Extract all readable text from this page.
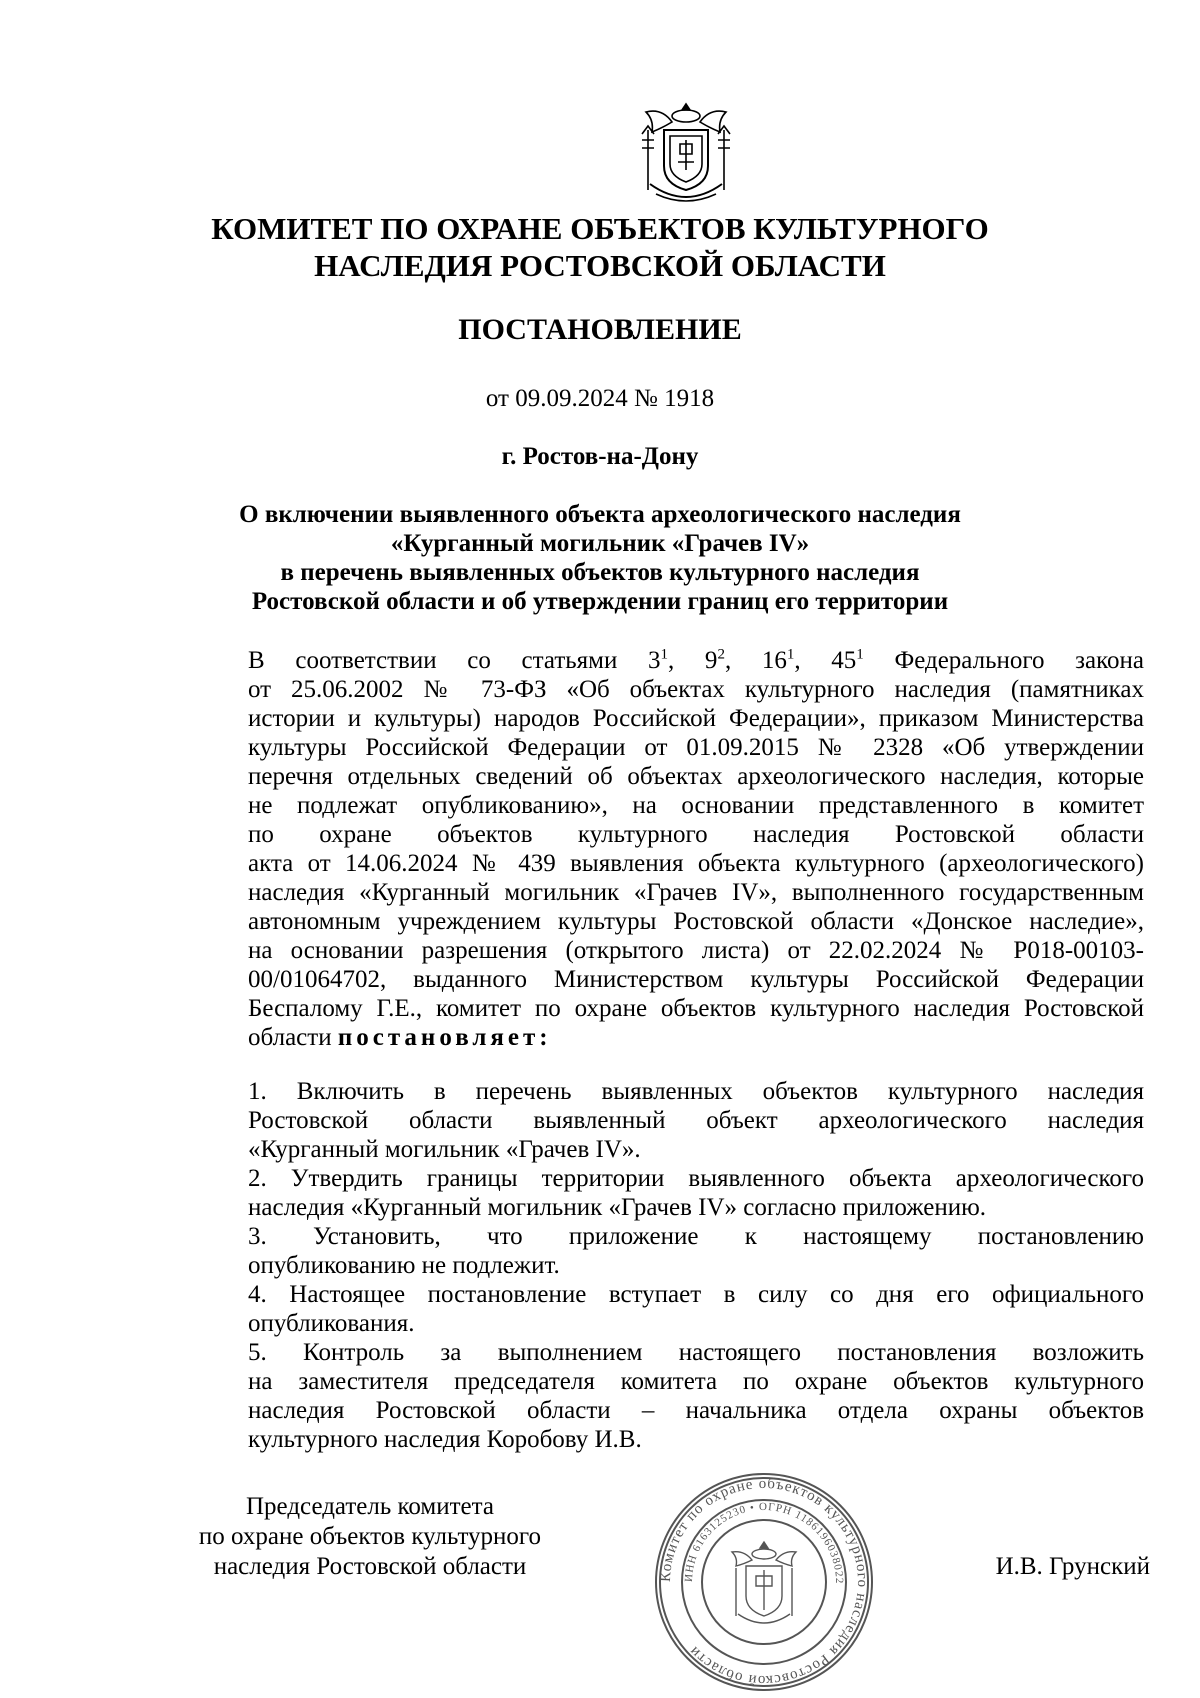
КОМИТЕТ ПО ОХРАНЕ ОБЪЕКТОВ КУЛЬТУРНОГО
НАСЛЕДИЯ РОСТОВСКОЙ ОБЛАСТИ
ПОСТАНОВЛЕНИЕ
от 09.09.2024 № 1918
г. Ростов-на-Дону
О включении выявленного объекта археологического наследия
«Курганный могильник «Грачев IV»
в перечень выявленных объектов культурного наследия
Ростовской области и об утверждении границ его территории

В соответствии со статьями $3^1$, $9^2$, $16^1$, $45^1$ Федерального закона
от 25.06.2002 № 73-ФЗ «Об объектах культурного наследия (памятниках
истории и культуры) народов Российской Федерации», приказом Министерства
культуры Российской Федерации от 01.09.2015 № 2328 «Об утверждении
перечня отдельных сведений об объектах археологического наследия, которые
не подлежат опубликованию», на основании представленного в комитет
по охране объектов культурного наследия Ростовской области
акта от 14.06.2024 № 439 выявления объекта культурного (археологического)
наследия «Курганный могильник «Грачев IV», выполненного государственным
автономным учреждением культуры Ростовской области «Донское наследие»,
на основании разрешения (открытого листа) от 22.02.2024 № Р018-00103-
00/01064702, выданного Министерством культуры Российской Федерации
Беспалому Г.Е., комитет по охране объектов культурного наследия Ростовской
области постановляет:

1. Включить в перечень выявленных объектов культурного наследия
Ростовской области выявленный объект археологического наследия
«Курганный могильник «Грачев IV».

2. Утвердить границы территории выявленного объекта археологического
наследия «Курганный могильник «Грачев IV» согласно приложению.

3. Установить, что приложение к настоящему постановлению
опубликованию не подлежит.

4. Настоящее постановление вступает в силу со дня его официального
опубликования.

5. Контроль за выполнением настоящего постановления возложить
на заместителя председателя комитета по охране объектов культурного
наследия Ростовской области – начальника отдела охраны объектов
культурного наследия Коробову И.В.

Председатель комитета
по охране объектов культурного
наследия Ростовской области	Комитет по охране объектов культурного наследия Ростовской области
ИНН 6163125230 • ОГРН 1186196038022
И.В. Грунский
